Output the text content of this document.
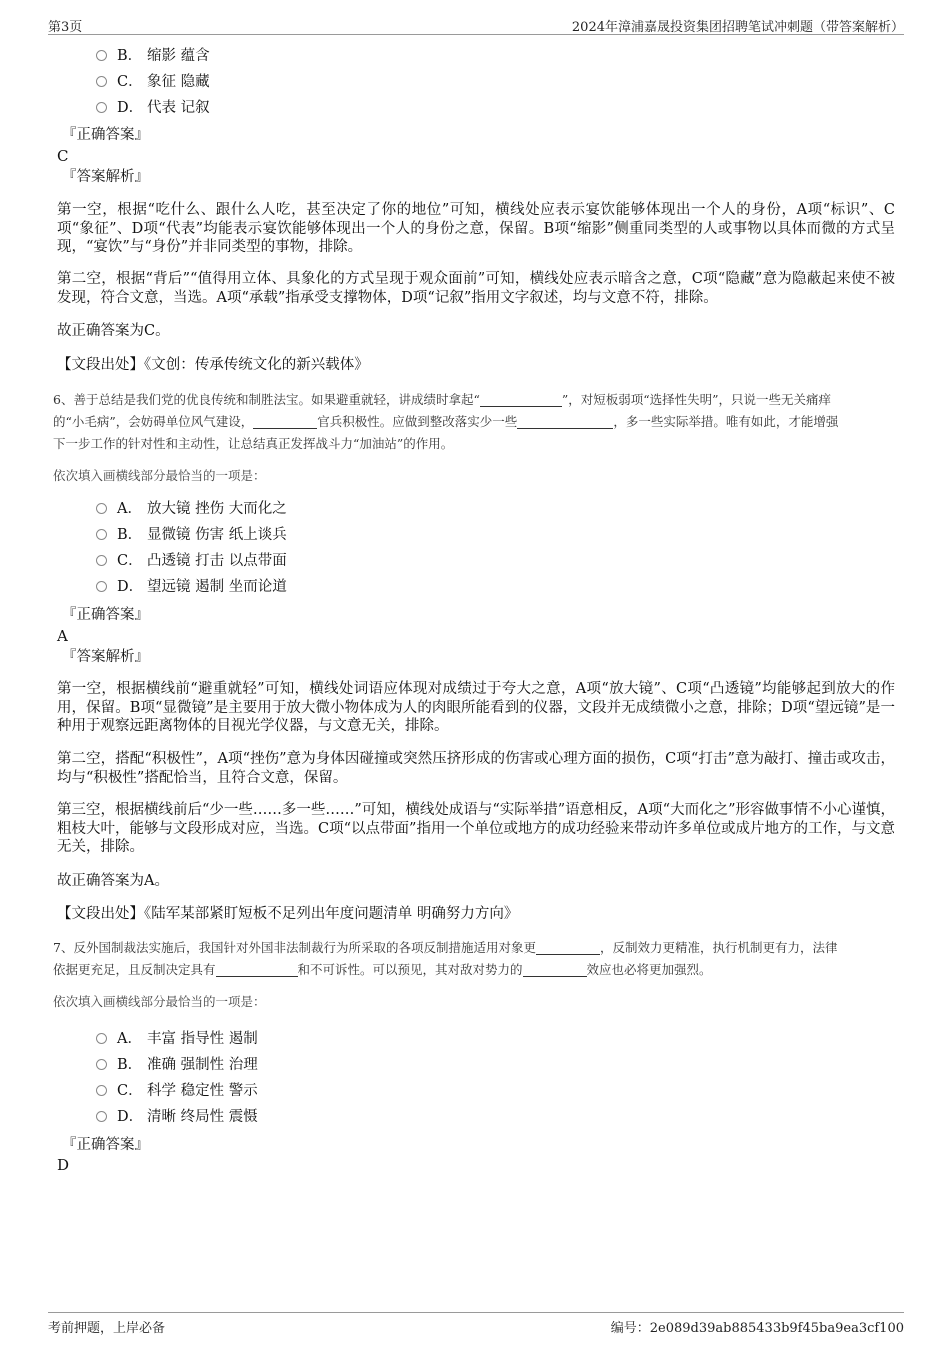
第3页	2024年漳浦嘉晟投资集团招聘笔试冲刺题（带答案解析）
B． 缩影 蕴含
C． 象征 隐藏
D． 代表 记叙
『正确答案』
C
『答案解析』
第一空，根据“吃什么、跟什么人吃，甚至决定了你的地位”可知，横线处应表示宴饮能够体现出一个人的身份，A项“标识”、C项“象征”、D项“代表”均能表示宴饮能够体现出一个人的身份之意，保留。B项“缩影”侧重同类型的人或事物以具体而微的方式呈现，“宴饮”与“身份”并非同类型的事物，排除。
第二空，根据“背后”“值得用立体、具象化的方式呈现于观众面前”可知，横线处应表示暗含之意，C项“隐藏”意为隐蔽起来使不被发现，符合文意，当选。A项“承载”指承受支撑物体，D项“记叙”指用文字叙述，均与文意不符，排除。
故正确答案为C。
【文段出处】《文创：传承传统文化的新兴载体》
6、善于总结是我们党的优良传统和制胜法宝。如果避重就轻，讲成绩时拿起“	”，对短板弱项“选择性失明”，只说一些无关痛痒
的“小毛病”，会妨碍单位风气建设，	官兵积极性。应做到整改落实少一些	，多一些实际举措。唯有如此，才能增强
下一步工作的针对性和主动性，让总结真正发挥战斗力“加油站”的作用。
依次填入画横线部分最恰当的一项是：
A． 放大镜 挫伤 大而化之
B． 显微镜 伤害 纸上谈兵
C． 凸透镜 打击 以点带面
D． 望远镜 遏制 坐而论道
『正确答案』
A
『答案解析』
第一空，根据横线前“避重就轻”可知，横线处词语应体现对成绩过于夸大之意，A项“放大镜”、C项“凸透镜”均能够起到放大的作用，保留。B项“显微镜”是主要用于放大微小物体成为人的肉眼所能看到的仪器，文段并无成绩微小之意，排除；D项“望远镜”是一种用于观察远距离物体的目视光学仪器，与文意无关，排除。
第二空，搭配“积极性”，A项“挫伤”意为身体因碰撞或突然压挤形成的伤害或心理方面的损伤，C项“打击”意为敲打、撞击或攻击，均与“积极性”搭配恰当，且符合文意，保留。
第三空，根据横线前后“少一些……多一些……”可知，横线处成语与“实际举措”语意相反，A项“大而化之”形容做事情不小心谨慎，粗枝大叶，能够与文段形成对应，当选。C项“以点带面”指用一个单位或地方的成功经验来带动许多单位或成片地方的工作，与文意无关，排除。
故正确答案为A。
【文段出处】《陆军某部紧盯短板不足列出年度问题清单 明确努力方向》
7、反外国制裁法实施后，我国针对外国非法制裁行为所采取的各项反制措施适用对象更	，反制效力更精准，执行机制更有力，法律
依据更充足，且反制决定具有	和不可诉性。可以预见，其对敌对势力的	效应也必将更加强烈。
依次填入画横线部分最恰当的一项是：
A． 丰富 指导性 遏制
B． 准确 强制性 治理
C． 科学 稳定性 警示
D． 清晰 终局性 震慑
『正确答案』
D
考前押题，上岸必备	编号：2e089d39ab885433b9f45ba9ea3cf100
